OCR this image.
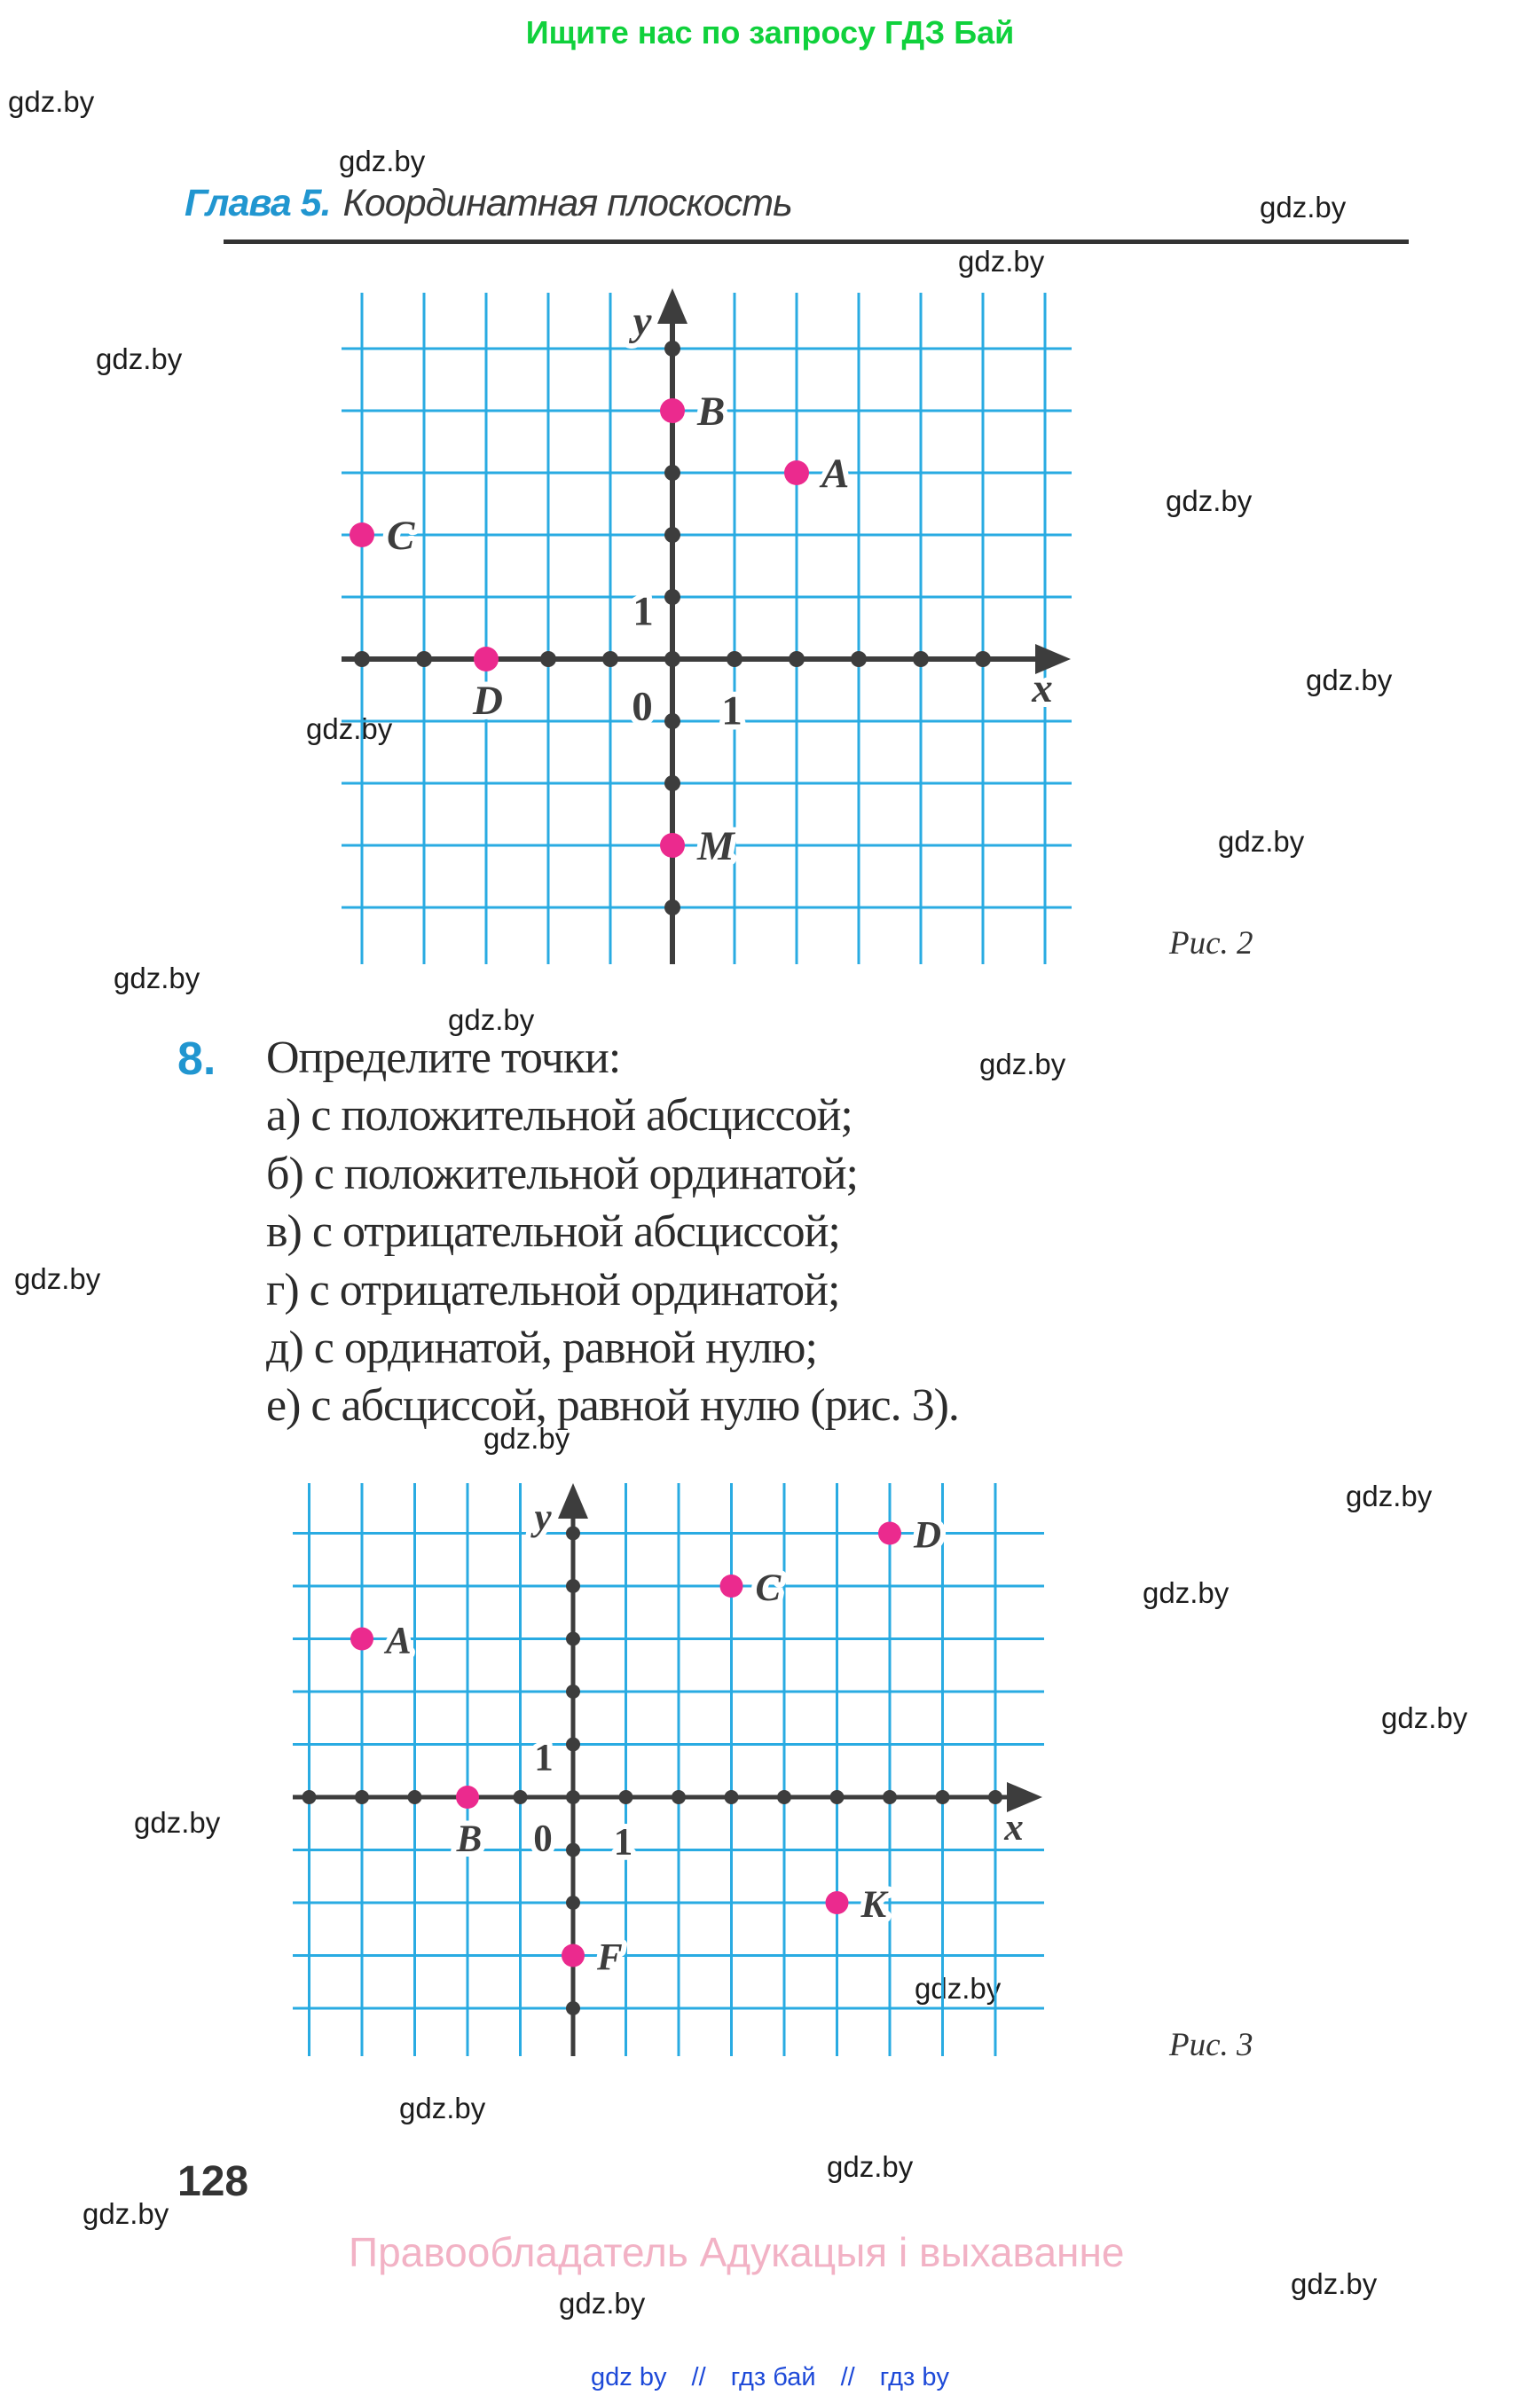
Ищите нас по запросу ГДЗ Бай
gdz.by
gdz.by
gdz.by
gdz.by
gdz.by
gdz.by
gdz.by
gdz.by
gdz.by
gdz.by
gdz.by
gdz.by
gdz.by
gdz.by
gdz.by
gdz.by
gdz.by
gdz.by
gdz.by
gdz.by
gdz.by
gdz.by
gdz.by
gdz.by
Глава 5. Координатная плоскость
0
1
1
y
x
B
A
C
D
M
Рис. 2
8. Определите точки:
а) с положительной абсциссой;
б) с положительной ординатой;
в) с отрицательной абсциссой;
г) с отрицательной ординатой;
д) с ординатой, равной нулю;
е) с абсциссой, равной нулю (рис. 3).
0
1
1
y
x
D
C
A
B
K
F
Рис. 3
128
Правообладатель Адукацыя і выхаванне
gdz by // гдз бай // гдз by
